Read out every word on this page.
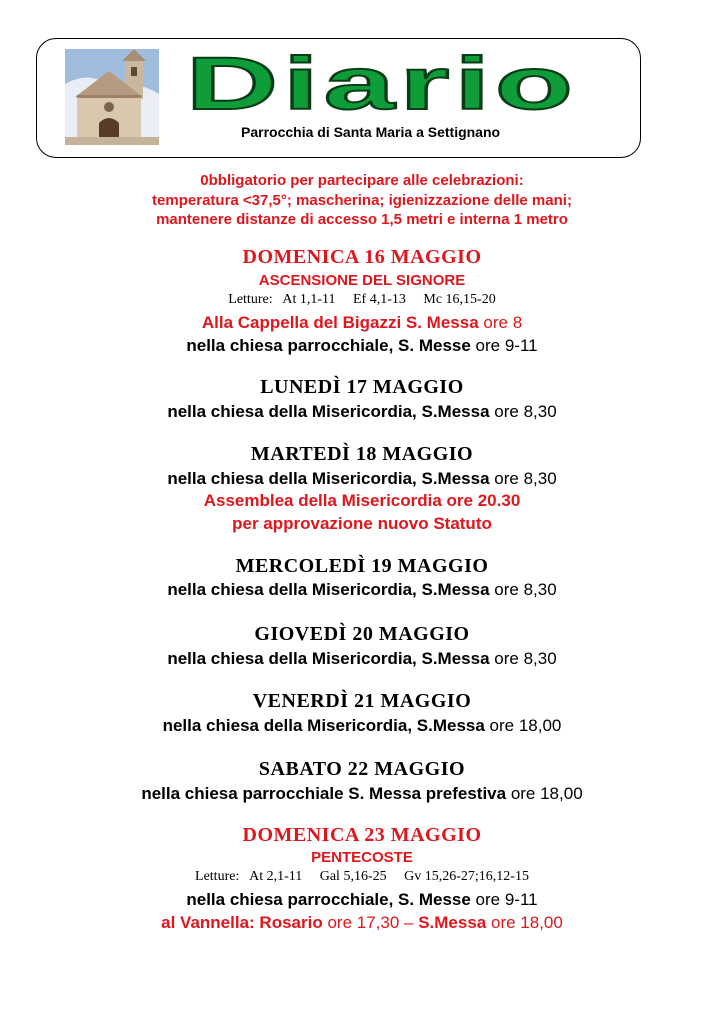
Diario
Parrocchia di Santa Maria a Settignano
0bbligatorio per partecipare alle celebrazioni:
temperatura <37,5°; mascherina; igienizzazione delle mani;
mantenere distanze di accesso 1,5 metri e interna 1 metro
DOMENICA 16 MAGGIO
ASCENSIONE DEL SIGNORE
Letture: At 1,1-11 Ef 4,1-13 Mc 16,15-20
Alla Cappella del Bigazzi S. Messa ore 8
nella chiesa parrocchiale, S. Messe ore 9-11
LUNEDÌ 17 MAGGIO
nella chiesa della Misericordia, S.Messa ore 8,30
MARTEDÌ 18 MAGGIO
nella chiesa della Misericordia, S.Messa ore 8,30
Assemblea della Misericordia ore 20.30
per approvazione nuovo Statuto
MERCOLEDÌ 19 MAGGIO
nella chiesa della Misericordia, S.Messa ore 8,30
GIOVEDÌ 20 MAGGIO
nella chiesa della Misericordia, S.Messa ore 8,30
VENERDÌ 21 MAGGIO
nella chiesa della Misericordia, S.Messa ore 18,00
SABATO 22 MAGGIO
nella chiesa parrocchiale S. Messa prefestiva ore 18,00
DOMENICA 23 MAGGIO
PENTECOSTE
Letture: At 2,1-11 Gal 5,16-25 Gv 15,26-27;16,12-15
nella chiesa parrocchiale, S. Messe ore 9-11
al Vannella: Rosario ore 17,30 – S.Messa ore 18,00
